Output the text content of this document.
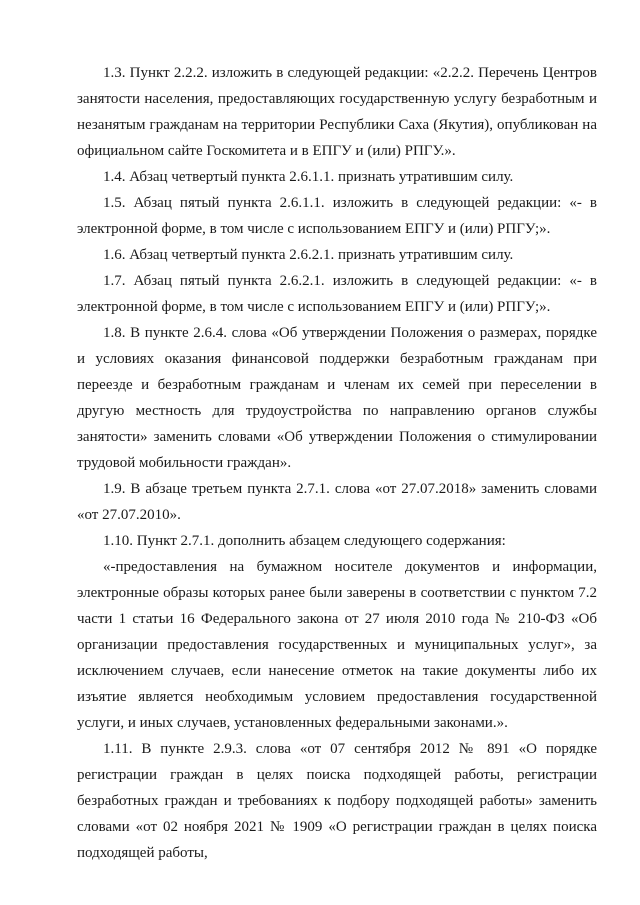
1.3. Пункт 2.2.2. изложить в следующей редакции: «2.2.2. Перечень Центров занятости населения, предоставляющих государственную услугу безработным и незанятым гражданам на территории Республики Саха (Якутия), опубликован на официальном сайте Госкомитета и в ЕПГУ и (или) РПГУ.».

1.4. Абзац четвертый пункта 2.6.1.1. признать утратившим силу.

1.5. Абзац пятый пункта 2.6.1.1. изложить в следующей редакции: «- в электронной форме, в том числе с использованием ЕПГУ и (или) РПГУ;».

1.6. Абзац четвертый пункта 2.6.2.1. признать утратившим силу.

1.7. Абзац пятый пункта 2.6.2.1. изложить в следующей редакции: «- в электронной форме, в том числе с использованием ЕПГУ и (или) РПГУ;».

1.8. В пункте 2.6.4. слова «Об утверждении Положения о размерах, порядке и условиях оказания финансовой поддержки безработным гражданам при переезде и безработным гражданам и членам их семей при переселении в другую местность для трудоустройства по направлению органов службы занятости» заменить словами «Об утверждении Положения о стимулировании трудовой мобильности граждан».

1.9. В абзаце третьем пункта 2.7.1. слова «от 27.07.2018» заменить словами «от 27.07.2010».

1.10. Пункт 2.7.1. дополнить абзацем следующего содержания:

«-предоставления на бумажном носителе документов и информации, электронные образы которых ранее были заверены в соответствии с пунктом 7.2 части 1 статьи 16 Федерального закона от 27 июля 2010 года № 210-ФЗ «Об организации предоставления государственных и муниципальных услуг», за исключением случаев, если нанесение отметок на такие документы либо их изъятие является необходимым условием предоставления государственной услуги, и иных случаев, установленных федеральными законами.».

1.11. В пункте 2.9.3. слова «от 07 сентября 2012 № 891 «О порядке регистрации граждан в целях поиска подходящей работы, регистрации безработных граждан и требованиях к подбору подходящей работы» заменить словами «от 02 ноября 2021 № 1909 «О регистрации граждан в целях поиска подходящей работы,
